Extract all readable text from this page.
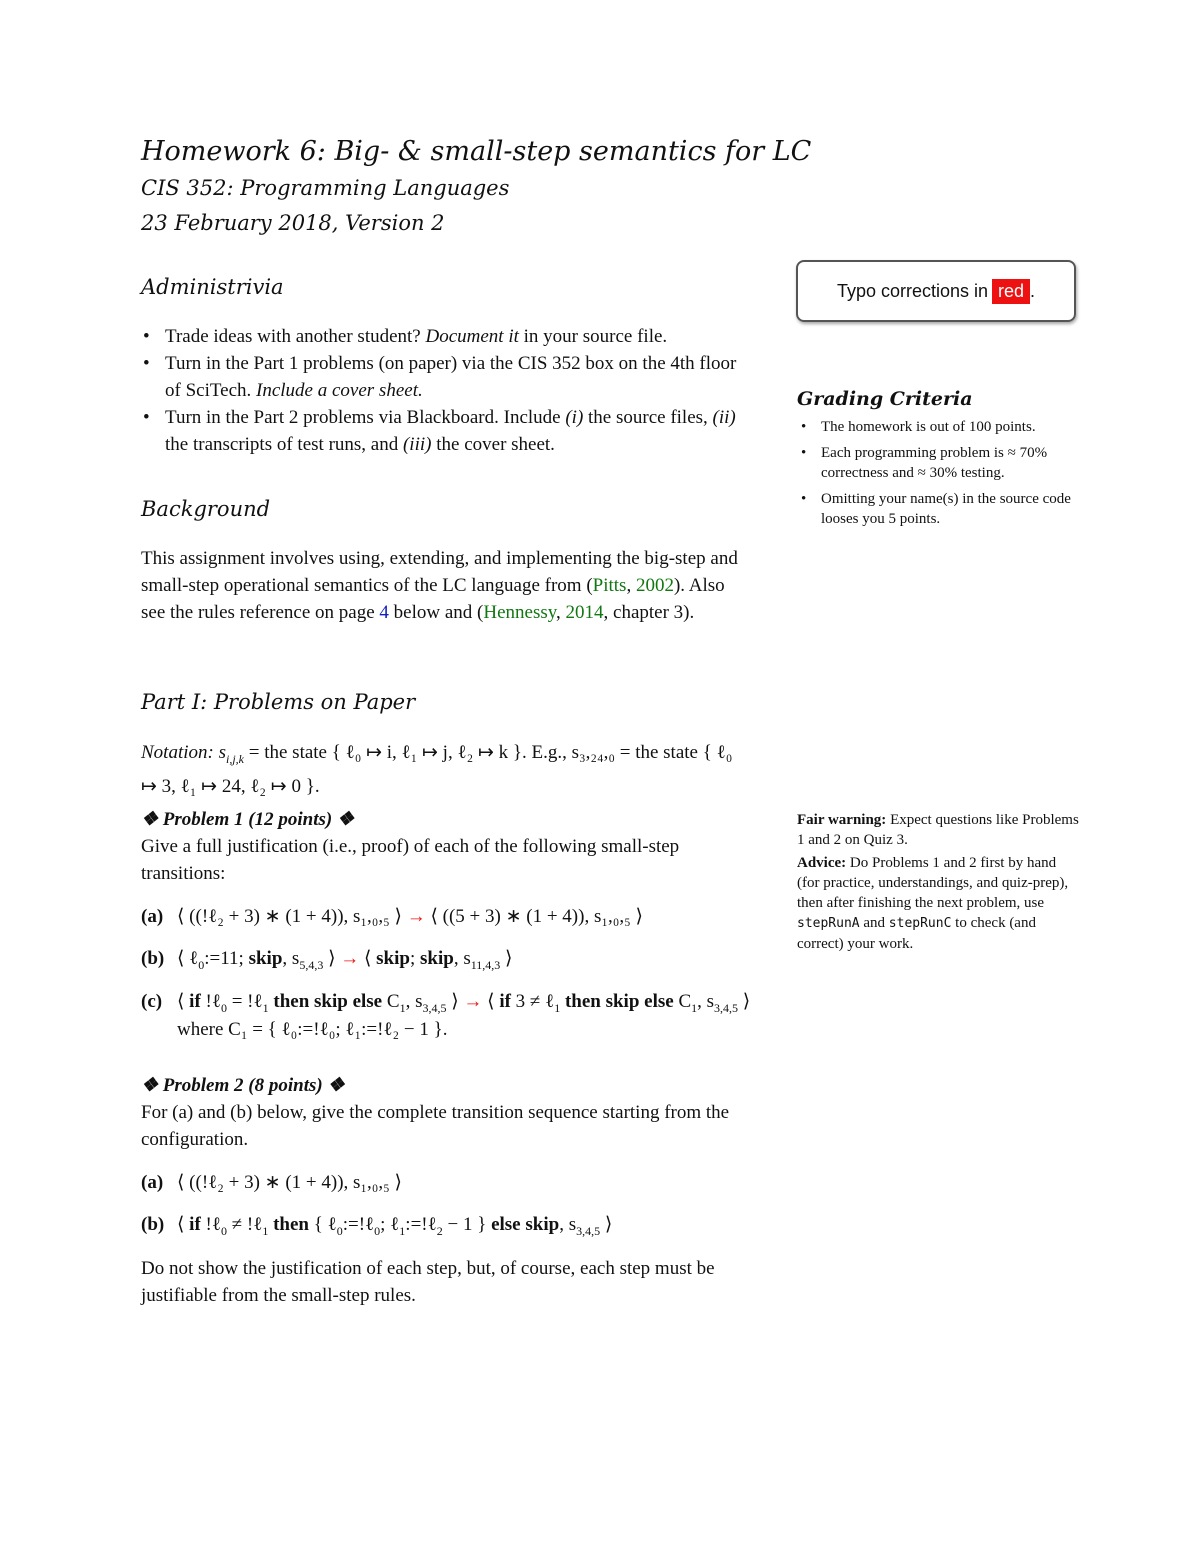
Homework 6: Big- & small-step semantics for LC
CIS 352: Programming Languages
23 February 2018, Version 2
Typo corrections in red .
Administrivia
• Trade ideas with another student? Document it in your source file.
• Turn in the Part 1 problems (on paper) via the CIS 352 box on the 4th floor of SciTech. Include a cover sheet.
• Turn in the Part 2 problems via Blackboard. Include (i) the source files, (ii) the transcripts of test runs, and (iii) the cover sheet.
Grading Criteria
• The homework is out of 100 points.
• Each programming problem is ≈ 70% correctness and ≈ 30% testing.
• Omitting your name(s) in the source code looses you 5 points.
Background
This assignment involves using, extending, and implementing the big-step and small-step operational semantics of the LC language from (Pitts, 2002). Also see the rules reference on page 4 below and (Hennessy, 2014, chapter 3).
Part I: Problems on Paper
Notation: $s_{i,j,k}$ = the state { ℓ₀ ↦ i, ℓ₁ ↦ j, ℓ₂ ↦ k }. E.g., s₃,₂₄,₀ = the state { ℓ₀ ↦ 3, ℓ₁ ↦ 24, ℓ₂ ↦ 0 }.
❖ Problem 1 (12 points) ❖
Give a full justification (i.e., proof) of each of the following small-step transitions:
(a) ⟨ ((!ℓ₂ + 3) ∗ (1 + 4)), s₁,₀,₅ ⟩ → ⟨ ((5 + 3) ∗ (1 + 4)), s₁,₀,₅ ⟩
(b) ⟨ ℓ$_0$:=11; skip, $s_{5,4,3}$ ⟩ → ⟨ skip; skip, $s_{11,4,3}$ ⟩
(c) ⟨ if !ℓ$_0$ = !ℓ$_1$ then skip else $C_1$, $s_{3,4,5}$ ⟩ → ⟨ if 3 ≠ ℓ$_1$ then skip else $C_1$, $s_{3,4,5}$ ⟩
where C₁ = { ℓ₀:=!ℓ₀; ℓ₁:=!ℓ₂ − 1 }.
❖ Problem 2 (8 points) ❖
For (a) and (b) below, give the complete transition sequence starting from the configuration.
(a) ⟨ ((!ℓ₂ + 3) ∗ (1 + 4)), s₁,₀,₅ ⟩
(b) ⟨ if !ℓ$_0$ ≠ !ℓ$_1$ then { ℓ$_0$:=!ℓ$_0$; ℓ$_1$:=!ℓ$_2$ − 1 } else skip, $s_{3,4,5}$ ⟩
Do not show the justification of each step, but, of course, each step must be justifiable from the small-step rules.
Fair warning: Expect questions like Problems 1 and 2 on Quiz 3.
Advice: Do Problems 1 and 2 first by hand (for practice, understandings, and quiz-prep), then after finishing the next problem, use stepRunA and stepRunC to check (and correct) your work.
